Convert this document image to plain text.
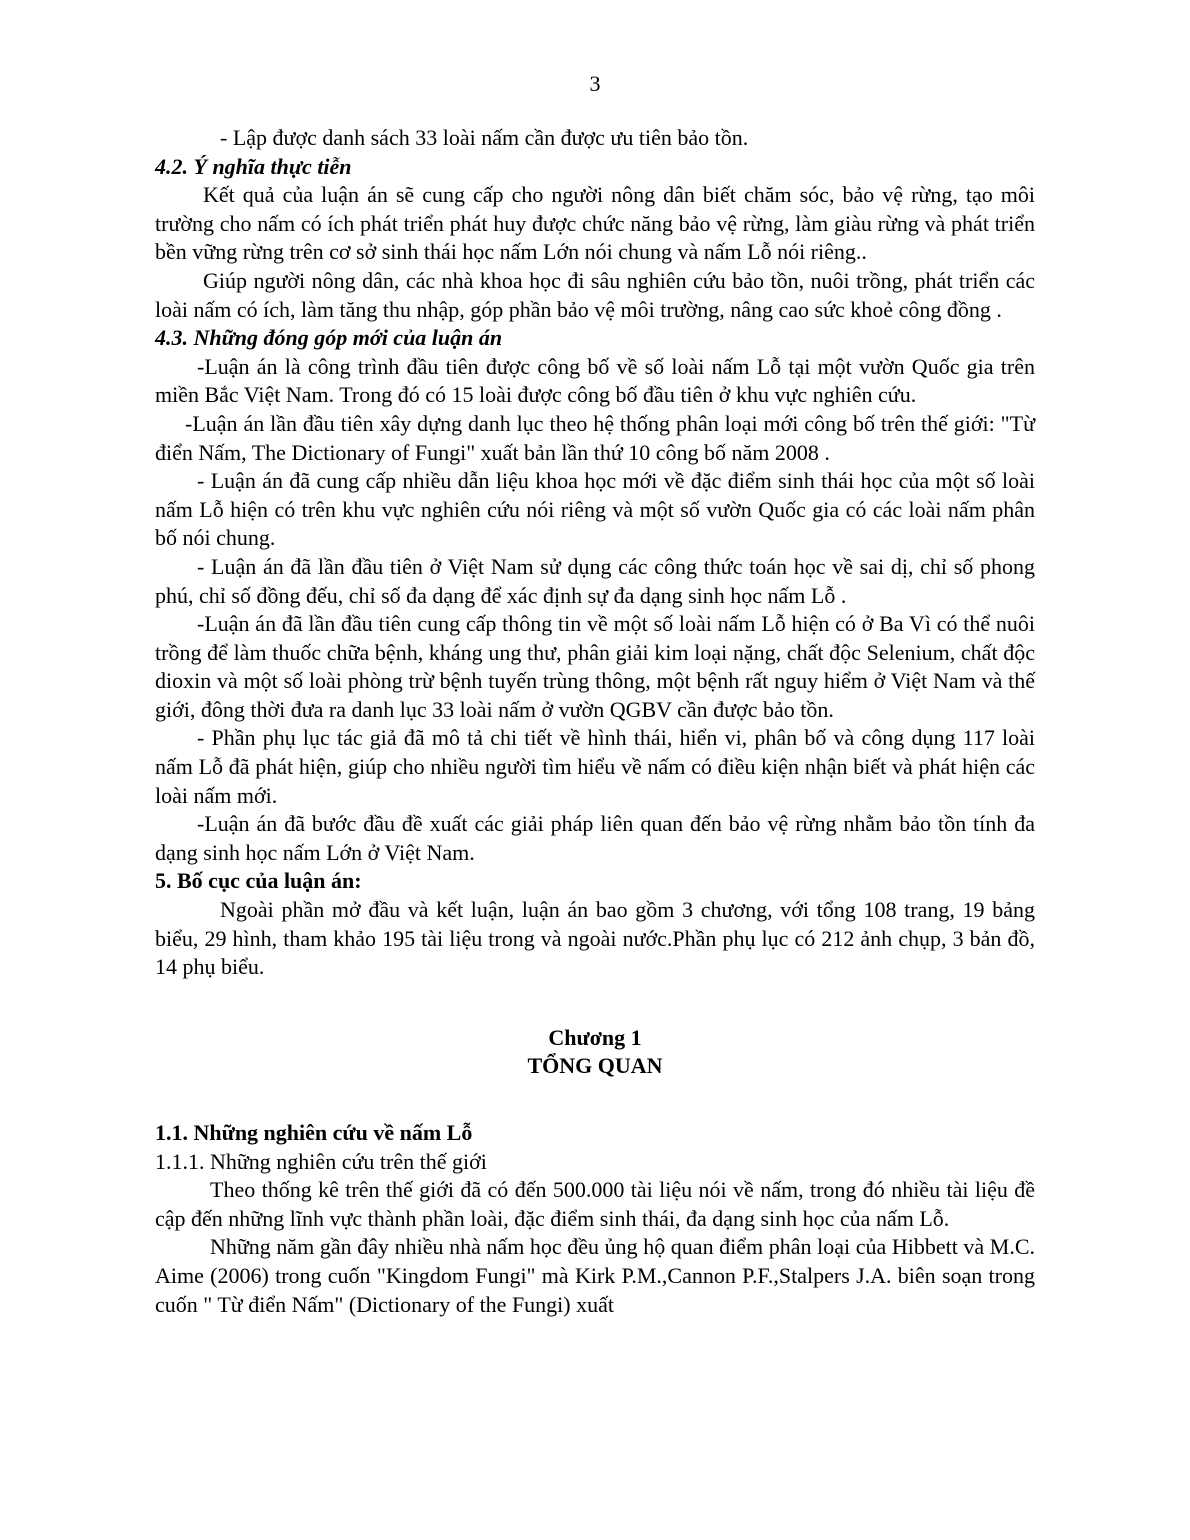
3

- Lập được danh sách 33 loài nấm cần được ưu tiên bảo tồn.

4.2. Ý nghĩa thực tiễn

Kết quả của luận án sẽ cung cấp cho người nông dân biết chăm sóc, bảo vệ rừng, tạo môi trường cho nấm có ích phát triển phát huy được chức năng bảo vệ rừng, làm giàu rừng và phát triển bền vững rừng trên cơ sở sinh thái học nấm Lớn nói chung và nấm Lỗ nói riêng..

Giúp người nông dân, các nhà khoa học đi sâu nghiên cứu bảo tồn, nuôi trồng, phát triển các loài nấm có ích, làm tăng thu nhập, góp phần bảo vệ môi trường, nâng cao sức khoẻ công đồng .

4.3. Những đóng góp mới của luận án

-Luận án là công trình đầu tiên được công bố về số loài nấm Lỗ tại một vườn Quốc gia trên miền Bắc Việt Nam. Trong đó có 15 loài được công bố đầu tiên ở khu vực nghiên cứu.

-Luận án lần đầu tiên xây dựng danh lục theo hệ thống phân loại mới công bố trên thế giới: "Từ điển Nấm, The Dictionary of Fungi" xuất bản lần thứ 10 công bố năm 2008 .

- Luận án đã cung cấp nhiều dẫn liệu khoa học mới về đặc điểm sinh thái học của một số loài nấm Lỗ hiện có trên khu vực nghiên cứu nói riêng và một số vườn Quốc gia có các loài nấm phân bố nói chung.

- Luận án đã lần đầu tiên ở Việt Nam sử dụng các công thức toán học về sai dị, chỉ số phong phú, chỉ số đồng đếu, chỉ số đa dạng để xác định sự đa dạng sinh học nấm Lỗ .

-Luận án đã lần đầu tiên cung cấp thông tin về một số loài nấm Lỗ hiện có ở Ba Vì có thể nuôi trồng để làm thuốc chữa bệnh, kháng ung thư, phân giải kim loại nặng, chất độc Selenium, chất độc dioxin và một số loài phòng trừ bệnh tuyến trùng thông, một bệnh rất nguy hiểm ở Việt Nam và thế giới, đông thời đưa ra danh lục 33 loài nấm ở vườn QGBV cần được bảo tồn.

- Phần phụ lục tác giả đã mô tả chi tiết về hình thái, hiển vi, phân bố và công dụng 117 loài nấm Lỗ đã phát hiện, giúp cho nhiều người tìm hiểu về nấm có điều kiện nhận biết và phát hiện các loài nấm mới.

-Luận án đã bước đầu đề xuất các giải pháp liên quan đến bảo vệ rừng nhằm bảo tồn tính đa dạng sinh học nấm Lớn ở Việt Nam.

5. Bố cục của luận án:

Ngoài phần mở đầu và kết luận, luận án bao gồm 3 chương, với tổng 108 trang, 19 bảng biểu, 29 hình, tham khảo 195 tài liệu trong và ngoài nước.Phần phụ lục có 212 ảnh chụp, 3 bản đồ, 14 phụ biểu.

Chương 1

TỔNG QUAN

1.1. Những nghiên cứu về nấm Lỗ

1.1.1. Những nghiên cứu trên thế giới

Theo thống kê trên thế giới đã có đến 500.000 tài liệu nói về nấm, trong đó nhiều tài liệu đề cập đến những lĩnh vực thành phần loài, đặc điểm sinh thái, đa dạng sinh học của nấm Lỗ.

Những năm gần đây nhiều nhà nấm học đều ủng hộ quan điểm phân loại của Hibbett và M.C. Aime (2006) trong cuốn "Kingdom Fungi" mà Kirk P.M.,Cannon P.F.,Stalpers J.A. biên soạn trong cuốn " Từ điển Nấm" (Dictionary of the Fungi) xuất
